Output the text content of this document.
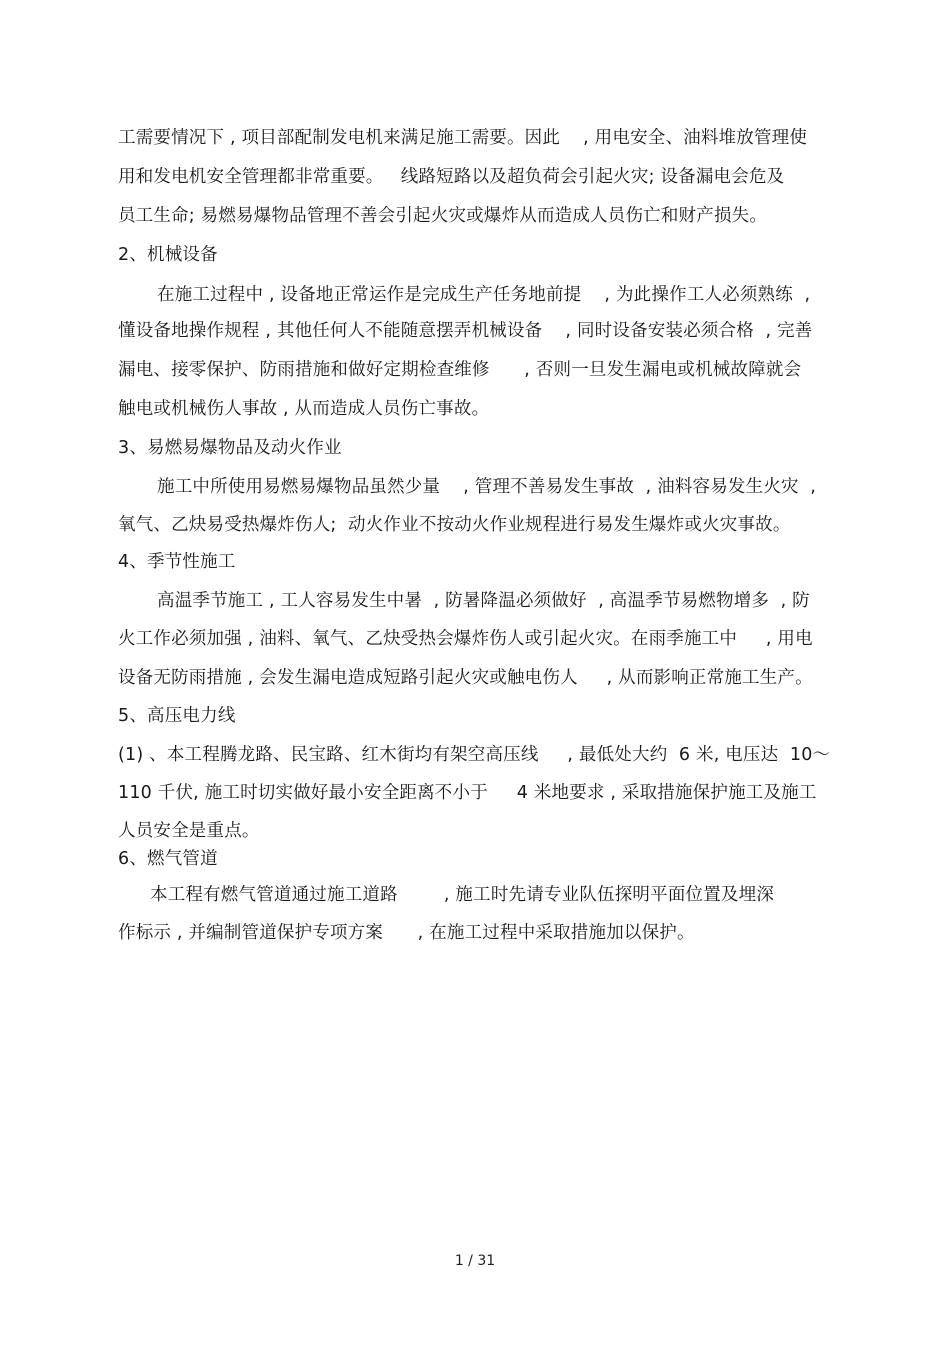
工需要情况下 , 项目部配制发电机来满足施工需要。因此    , 用电安全、油料堆放管理使
用和发电机安全管理都非常重要。   线路短路以及超负荷会引起火灾; 设备漏电会危及
员工生命; 易燃易爆物品管理不善会引起火灾或爆炸从而造成人员伤亡和财产损失。
2、机械设备
在施工过程中 , 设备地正常运作是完成生产任务地前提    , 为此操作工人必须熟练  ,
懂设备地操作规程 , 其他任何人不能随意摆弄机械设备    , 同时设备安装必须合格  , 完善
漏电、接零保护、防雨措施和做好定期检查维修      , 否则一旦发生漏电或机械故障就会
触电或机械伤人事故 , 从而造成人员伤亡事故。
3、易燃易爆物品及动火作业
施工中所使用易燃易爆物品虽然少量    , 管理不善易发生事故  , 油料容易发生火灾  ,
氧气、乙炔易受热爆炸伤人;  动火作业不按动火作业规程进行易发生爆炸或火灾事故。
4、季节性施工
高温季节施工 , 工人容易发生中暑  , 防暑降温必须做好  , 高温季节易燃物增多  , 防
火工作必须加强 , 油料、氧气、乙炔受热会爆炸伤人或引起火灾。在雨季施工中     , 用电
设备无防雨措施 , 会发生漏电造成短路引起火灾或触电伤人     , 从而影响正常施工生产。
5、高压电力线
(1) 、本工程腾龙路、民宝路、红木街均有架空高压线     , 最低处大约  6 米, 电压达  10～
110 千伏, 施工时切实做好最小安全距离不小于     4 米地要求 , 采取措施保护施工及施工
人员安全是重点。
6、燃气管道
本工程有燃气管道通过施工道路        , 施工时先请专业队伍探明平面位置及埋深
作标示 , 并编制管道保护专项方案      , 在施工过程中采取措施加以保护。
1 / 31
